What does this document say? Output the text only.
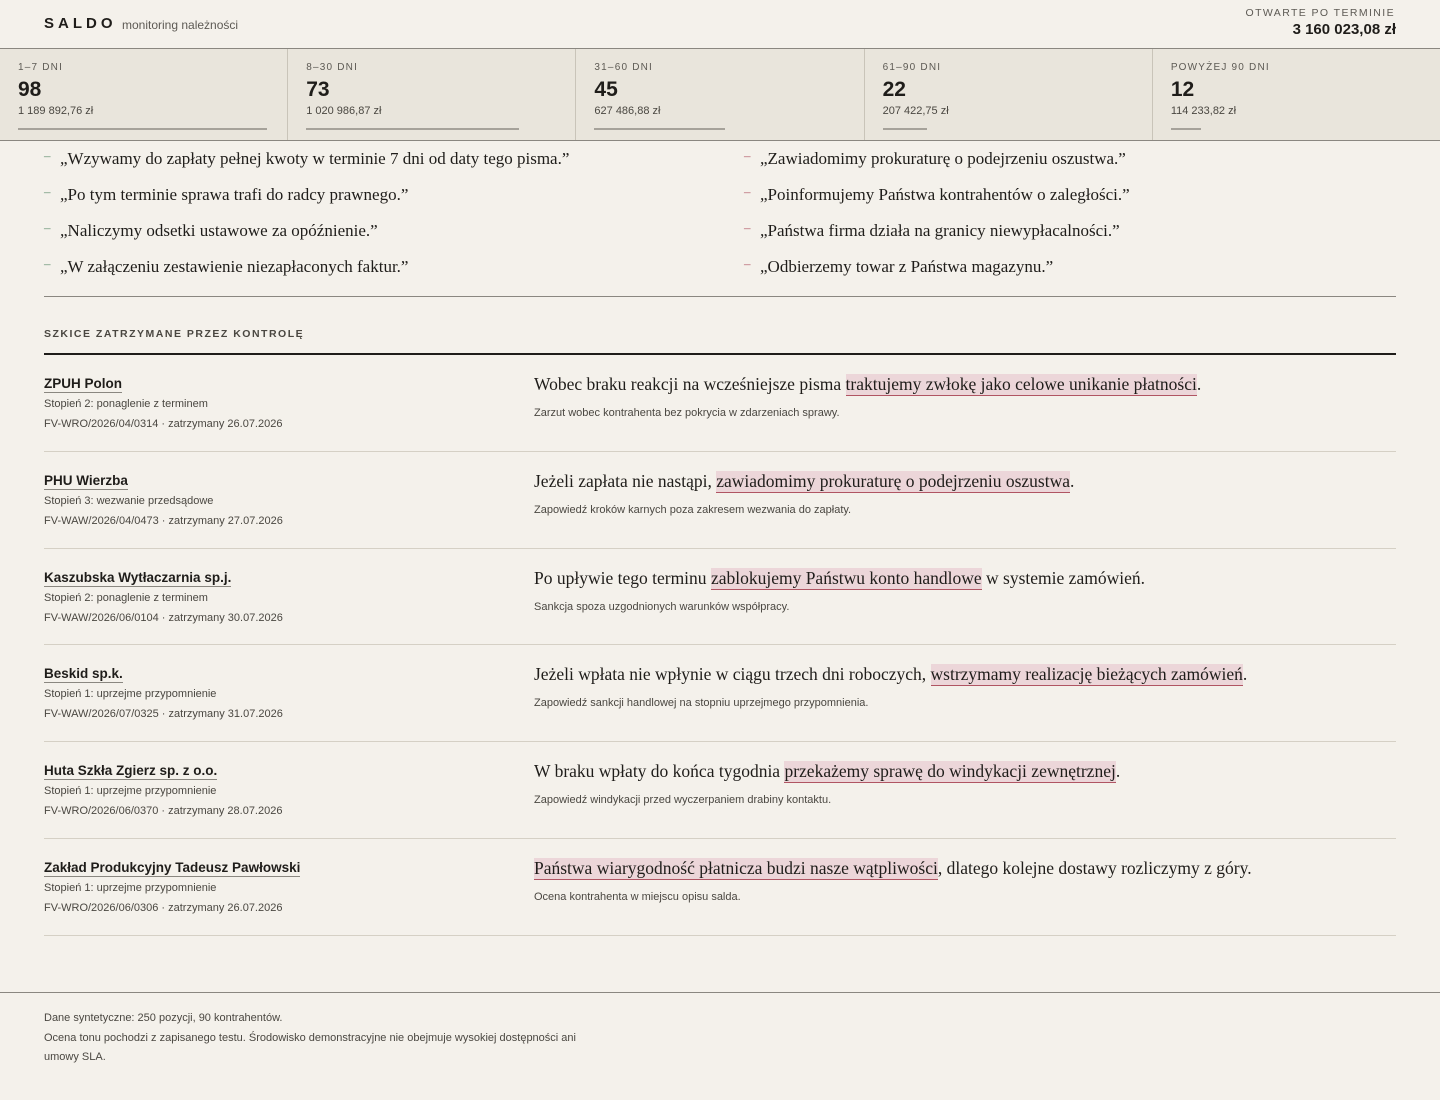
SALDO monitoring należności
OTWARTE PO TERMINIE
3 160 023,08 zł
1–7 DNI
98
1 189 892,76 zł
8–30 DNI
73
1 020 986,87 zł
31–60 DNI
45
627 486,88 zł
61–90 DNI
22
207 422,75 zł
POWYŻEJ 90 DNI
12
114 233,82 zł
– „Wzywamy do zapłaty pełnej kwoty w terminie 7 dni od daty tego pisma.”
– „Po tym terminie sprawa trafi do radcy prawnego.”
– „Naliczymy odsetki ustawowe za opóźnienie.”
– „W załączeniu zestawienie niezapłaconych faktur.”
– „Zawiadomimy prokuraturę o podejrzeniu oszustwa.”
– „Poinformujemy Państwa kontrahentów o zaległości.”
– „Państwa firma działa na granicy niewypłacalności.”
– „Odbierzemy towar z Państwa magazynu.”
SZKICE ZATRZYMANE PRZEZ KONTROLĘ
ZPUH Polon
Stopień 2: ponaglenie z terminem
FV-WRO/2026/04/0314 · zatrzymany 26.07.2026
Wobec braku reakcji na wcześniejsze pisma traktujemy zwłokę jako celowe unikanie płatności.
Zarzut wobec kontrahenta bez pokrycia w zdarzeniach sprawy.
PHU Wierzba
Stopień 3: wezwanie przedsądowe
FV-WAW/2026/04/0473 · zatrzymany 27.07.2026
Jeżeli zapłata nie nastąpi, zawiadomimy prokuraturę o podejrzeniu oszustwa.
Zapowiedź kroków karnych poza zakresem wezwania do zapłaty.
Kaszubska Wytłaczarnia sp.j.
Stopień 2: ponaglenie z terminem
FV-WAW/2026/06/0104 · zatrzymany 30.07.2026
Po upływie tego terminu zablokujemy Państwu konto handlowe w systemie zamówień.
Sankcja spoza uzgodnionych warunków współpracy.
Beskid sp.k.
Stopień 1: uprzejme przypomnienie
FV-WAW/2026/07/0325 · zatrzymany 31.07.2026
Jeżeli wpłata nie wpłynie w ciągu trzech dni roboczych, wstrzymamy realizację bieżących zamówień.
Zapowiedź sankcji handlowej na stopniu uprzejmego przypomnienia.
Huta Szkła Zgierz sp. z o.o.
Stopień 1: uprzejme przypomnienie
FV-WRO/2026/06/0370 · zatrzymany 28.07.2026
W braku wpłaty do końca tygodnia przekażemy sprawę do windykacji zewnętrznej.
Zapowiedź windykacji przed wyczerpaniem drabiny kontaktu.
Zakład Produkcyjny Tadeusz Pawłowski
Stopień 1: uprzejme przypomnienie
FV-WRO/2026/06/0306 · zatrzymany 26.07.2026
Państwa wiarygodność płatnicza budzi nasze wątpliwości, dlatego kolejne dostawy rozliczymy z góry.
Ocena kontrahenta w miejscu opisu salda.
Dane syntetyczne: 250 pozycji, 90 kontrahentów.
Ocena tonu pochodzi z zapisanego testu. Środowisko demonstracyjne nie obejmuje wysokiej dostępności ani
umowy SLA.
